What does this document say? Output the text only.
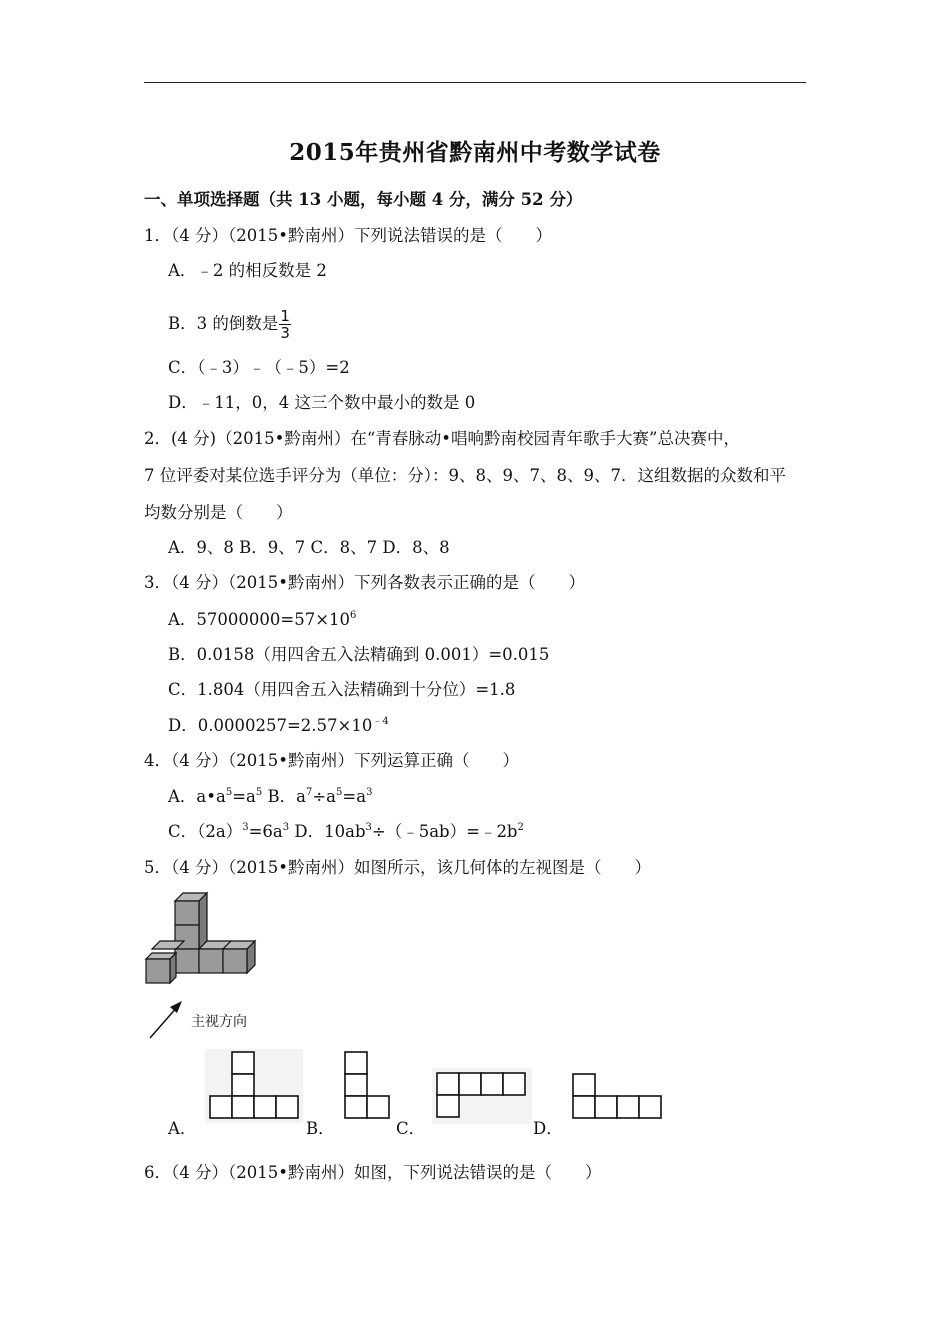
2015年贵州省黔南州中考数学试卷
一、单项选择题（共 13 小题，每小题 4 分，满分 52 分）
1．（4 分）（2015•黔南州）下列说法错误的是（　　）
A．﹣2 的相反数是 2
B．3 的倒数是 $\frac{1}{3}$
C．（﹣3）﹣（﹣5）=2
D．﹣11，0，4 这三个数中最小的数是 0
2．(4 分)（2015•黔南州）在“青春脉动•唱响黔南校园青年歌手大赛”总决赛中，
7 位评委对某位选手评分为（单位：分）：9、8、9、7、8、9、7．这组数据的众数和平
均数分别是（　　）
A．9、8 B．9、7 C．8、7 D．8、8
3．（4 分）（2015•黔南州）下列各数表示正确的是（　　）
A．$57000000=57\times 10^6$
B．0.0158（用四舍五入法精确到 0.001）=0.015
C．1.804（用四舍五入法精确到十分位）=1.8
D．$0.0000257=2.57\times 10^{﹣4}$
4．（4 分）（2015•黔南州）下列运算正确（　　）
A．$a•a^5=a^5$ B．$a^7\div a^5=a^3$
C．$(2a)^3=6a^3$ D．$10ab^3\div(﹣5ab)=﹣2b^2$
5．（4 分）（2015•黔南州）如图所示，该几何体的左视图是（　　）
主视方向
A．	B．	C．	D．
6．（4 分）（2015•黔南州）如图，下列说法错误的是（　　）
